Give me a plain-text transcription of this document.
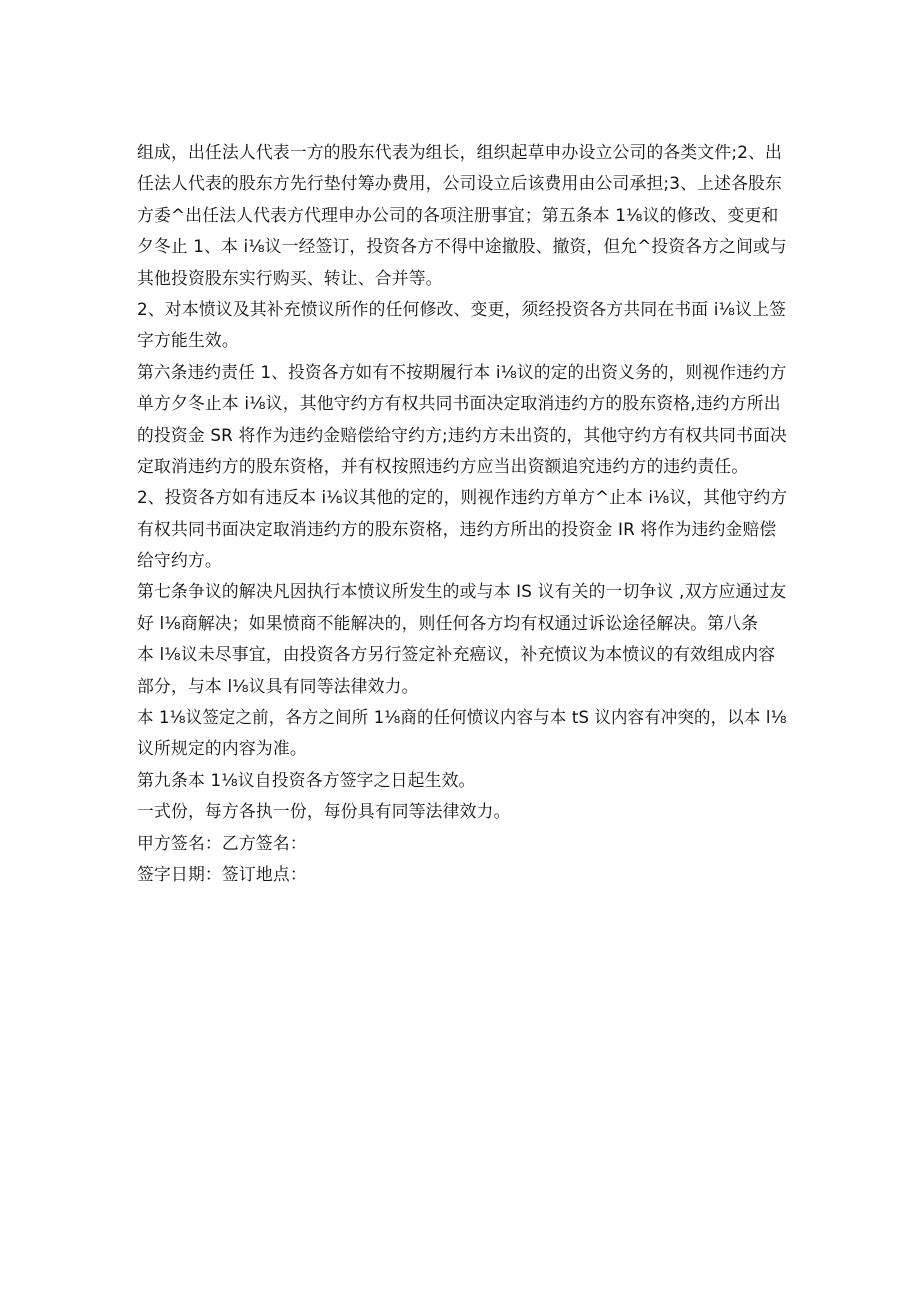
组成，出任法人代表一方的股东代表为组长，组织起草申办设立公司的各类文件;2、出
任法人代表的股东方先行垫付筹办费用，公司设立后该费用由公司承担;3、上述各股东
方委^出任法人代表方代理申办公司的各项注册事宜；第五条本 1⅛议的修改、变更和
夕冬止 1、本 i⅛议一经签订，投资各方不得中途撤股、撤资，但允^投资各方之间或与
其他投资股东实行购买、转让、合并等。
2、对本愤议及其补充愤议所作的任何修改、变更，须经投资各方共同在书面 i⅛议上签
字方能生效。
第六条违约责任 1、投资各方如有不按期履行本 i⅛议的定的出资义务的，则视作违约方
单方夕冬止本 i⅛议，其他守约方有权共同书面决定取消违约方的股东资格,违约方所出
的投资金 SR 将作为违约金赔偿给守约方;违约方未出资的，其他守约方有权共同书面决
定取消违约方的股东资格，并有权按照违约方应当出资额追究违约方的违约责任。
2、投资各方如有违反本 i⅛议其他的定的，则视作违约方单方^止本 i⅛议，其他守约方
有权共同书面决定取消违约方的股东资格，违约方所出的投资金 IR 将作为违约金赔偿
给守约方。
第七条争议的解决凡因执行本愤议所发生的或与本 IS 议有关的一切争议 ,双方应通过友
好 l⅛商解决；如果愤商不能解决的，则任何各方均有权通过诉讼途径解决。第八条
本 l⅛议未尽事宜，由投资各方另行签定补充癌议，补充愤议为本愤议的有效组成内容
部分，与本 l⅛议具有同等法律效力。
本 1⅛议签定之前，各方之间所 1⅛商的任何愤议内容与本 tS 议内容有冲突的，以本 l⅛
议所规定的内容为准。
第九条本 1⅛议自投资各方签字之日起生效。
一式份，每方各执一份，每份具有同等法律效力。
甲方签名：乙方签名：
签字日期：签订地点：
